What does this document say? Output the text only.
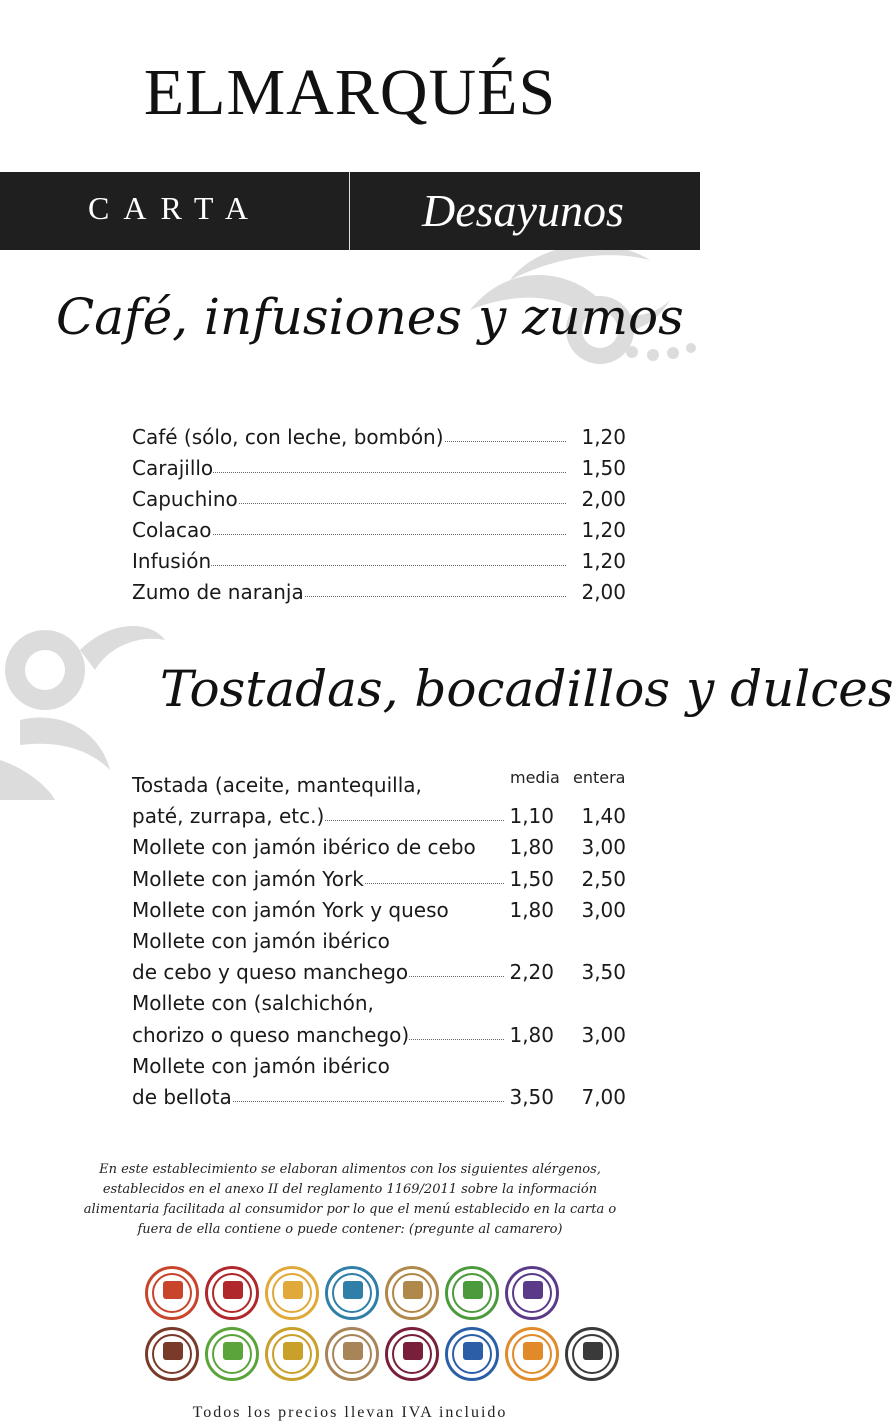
ELMARQUÉS
CARTA	Desayunos
Café, infusiones y zumos
Café (sólo, con leche, bombón)	1,20
Carajillo	1,50
Capuchino	2,00
Colacao	1,20
Infusión	1,20
Zumo de naranja	2,00
Tostadas, bocadillos y dulces
media entera
Tostada (aceite, mantequilla,
paté, zurrapa, etc.)	1,10	1,40
Mollete con jamón ibérico de cebo 1,80	3,00
Mollete con jamón York	1,50	2,50
Mollete con jamón York y queso	1,80	3,00
Mollete con jamón ibérico
de cebo y queso manchego	2,20	3,50
Mollete con (salchichón,
chorizo o queso manchego)	1,80	3,00
Mollete con jamón ibérico
de bellota	3,50	7,00
En este establecimiento se elaboran alimentos con los siguientes alérgenos,
establecidos en el anexo II del reglamento 1169/2011 sobre la información
alimentaria facilitada al consumidor por lo que el menú establecido en la carta o
fuera de ella contiene o puede contener: (pregunte al camarero)
Todos los precios llevan IVA incluido
